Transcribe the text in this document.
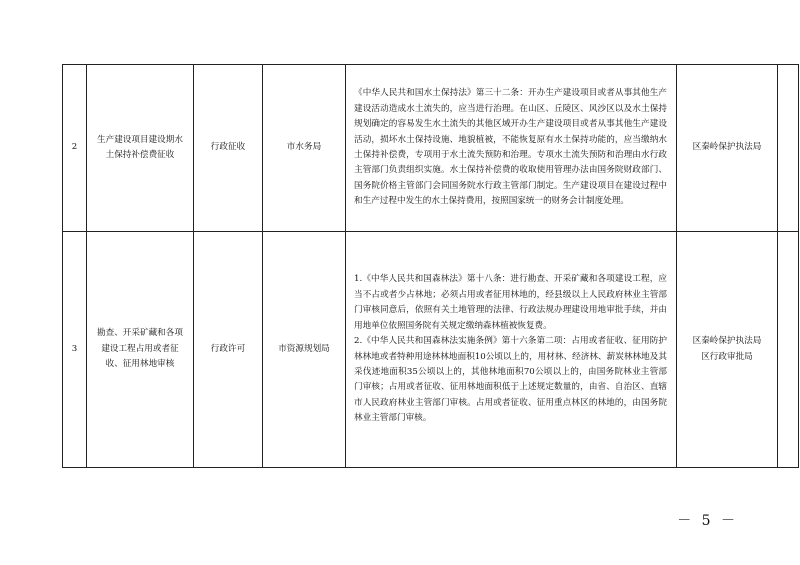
2	生产建设项目建设期水土保持补偿费征收	行政征收	市水务局	《中华人民共和国水土保持法》第三十二条：开办生产建设项目或者从事其他生产建设活动造成水土流失的，应当进行治理。在山区、丘陵区、风沙区以及水土保持规划确定的容易发生水土流失的其他区域开办生产建设项目或者从事其他生产建设活动，损坏水土保持设施、地貌植被，不能恢复原有水土保持功能的，应当缴纳水土保持补偿费，专项用于水土流失预防和治理。专项水土流失预防和治理由水行政主管部门负责组织实施。水土保持补偿费的收取使用管理办法由国务院财政部门、国务院价格主管部门会同国务院水行政主管部门制定。生产建设项目在建设过程中和生产过程中发生的水土保持费用，按照国家统一的财务会计制度处理。	区秦岭保护执法局	

3	勘查、开采矿藏和各项建设工程占用或者征收、征用林地审核	行政许可	市资源规划局	1.《中华人民共和国森林法》第十八条：进行勘查、开采矿藏和各项建设工程，应当不占或者少占林地；必须占用或者征用林地的，经县级以上人民政府林业主管部门审核同意后，依照有关土地管理的法律、行政法规办理建设用地审批手续，并由用地单位依照国务院有关规定缴纳森林植被恢复费。
2.《中华人民共和国森林法实施条例》第十六条第二项：占用或者征收、征用防护林林地或者特种用途林林地面积10公顷以上的，用材林、经济林、薪炭林林地及其采伐迹地面积35公顷以上的，其他林地面积70公顷以上的，由国务院林业主管部门审核；占用或者征收、征用林地面积低于上述规定数量的，由省、自治区、直辖市人民政府林业主管部门审核。占用或者征收、征用重点林区的林地的，由国务院林业主管部门审核。	区秦岭保护执法局
区行政审批局	

－ 5 －
